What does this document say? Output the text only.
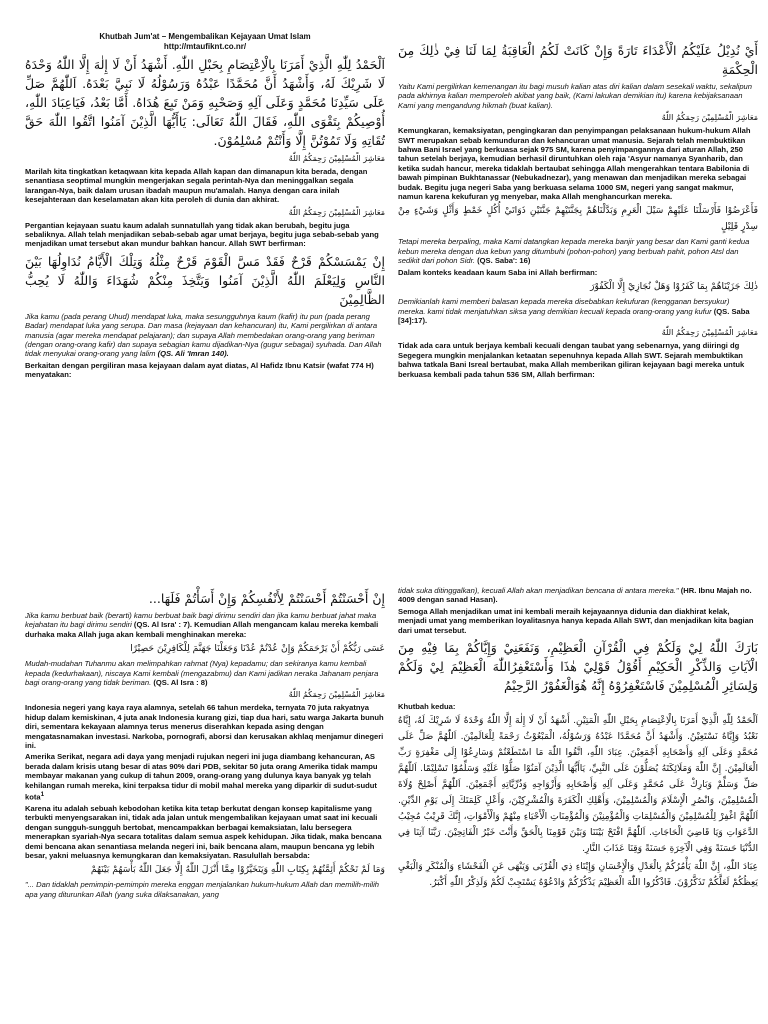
Khutbah Jum'at – Mengembalikan Kejayaan Umat Islam
http://mtaufiknt.co.nr/
اَلْحَمْدُ لِلّٰهِ الَّذِيْ أَمَرَنَا بِالْاِعْتِصَامِ بِحَبْلِ اللّٰهِ. أَشْهَدُ أَنْ لَا إِلٰهَ إِلَّا اللّٰهُ وَحْدَهُ لَا شَرِيْكَ لَهُ، وَأَشْهَدُ أَنَّ مُحَمَّدًا عَبْدُهُ وَرَسُوْلُهُ لَا نَبِيَّ بَعْدَهُ. اَللّٰهُمَّ صَلِّ عَلَى سَيِّدِنَا مُحَمَّدٍ وَعَلَى آلِهِ وَصَحْبِهِ وَمَنْ تَبِعَ هُدَاهُ. أَمَّا بَعْدُ، فَيَاعِبَادَ اللّٰهِ، أُوْصِيكُمْ بِتَقْوَى اللّٰهِ، فَقَالَ اللّٰهُ تَعَالَى: يَاأَيُّهَا الَّذِيْنَ آمَنُوا اتَّقُوا اللّٰهَ حَقَّ تُقَاتِهِ وَلَا تَمُوْتُنَّ إِلَّا وَأَنْتُمْ مُسْلِمُوْنَ.
مَعَاشِرَ الْمُسْلِمِيْنَ رَحِمَكُمُ اللّٰهُ

Marilah kita tingkatkan ketaqwaan kita kepada Allah kapan dan dimanapun kita berada, dengan senantiasa seoptimal mungkin mengerjakan segala perintah-Nya dan meninggalkan segala larangan-Nya, baik dalam urusan ibadah maupun mu'amalah. Hanya dengan cara inilah kesejahteraan dan keselamatan akan kita peroleh di dunia dan akhirat.

مَعَاشِرَ الْمُسْلِمِيْنَ رَحِمَكُمُ اللّٰهُ

Pergantian kejayaan suatu kaum adalah sunnatullah yang tidak akan berubah, begitu juga sebaliknya. Allah telah menjadikan sebab-sebab agar umat berjaya, begitu juga sebab-sebab yang menjadikan umat tersebut akan mundur bahkan hancur. Allah SWT berfirman:

إِنْ يَمْسَسْكُمْ قَرْحٌ فَقَدْ مَسَّ الْقَوْمَ قَرْحٌ مِثْلُهُ وَتِلْكَ الْأَيَّامُ نُدَاوِلُهَا بَيْنَ النَّاسِ وَلِيَعْلَمَ اللّٰهُ الَّذِيْنَ آمَنُوا وَيَتَّخِذَ مِنْكُمْ شُهَدَاءَ وَاللّٰهُ لَا يُحِبُّ الظَّالِمِيْنَ

Jika kamu (pada perang Uhud) mendapat luka, maka sesungguhnya kaum (kafir) itu pun (pada perang Badar) mendapat luka yang serupa. Dan masa (kejayaan dan kehancuran) itu, Kami pergilirkan di antara manusia (agar mereka mendapat pelajaran); dan supaya Allah membedakan orang-orang yang beriman (dengan orang-orang kafir) dan supaya sebagian kamu dijadikan-Nya (gugur sebagai) syuhada. Dan Allah tidak menyukai orang-orang yang lalim (QS. Ali 'Imran 140).

Berkaitan dengan pergiliran masa kejayaan dalam ayat diatas, Al Hafidz Ibnu Katsir (wafat 774 H) menyatakan:

أَيْ نُدِيْلُ عَلَيْكُمُ الْأَعْدَاءَ تَارَةً وَإِنْ كَانَتْ لَكُمُ الْعَاقِبَةُ لِمَا لَنَا فِيْ ذٰلِكَ مِنَ الْحِكْمَةِ

Yaitu Kami pergilirkan kemenangan itu bagi musuh kalian atas diri kalian dalam sesekali waktu, sekalipun pada akhirnya kalian memperoleh akibat yang baik, (Kami lakukan demikian itu) karena kebijaksanaan Kami yang mengandung hikmah (buat kalian).

مَعَاشِرَ الْمُسْلِمِيْنَ رَحِمَكُمُ اللّٰهُ

Kemungkaran, kemaksiyatan, pengingkaran dan penyimpangan pelaksanaan hukum-hukum Allah SWT merupakan sebab kemunduran dan kehancuran umat manusia. Sejarah telah membuktikan bahwa Bani Israel yang berkuasa sejak 975 SM, karena penyimpangannya dari aturan Allah, 250 tahun setelah berjaya, kemudian berhasil diruntuhkan oleh raja 'Asyur namanya Syanharib, dan ketika sudah hancur, mereka tidaklah bertaubat sehingga Allah mengerahkan tentara Babilonia di bawah pimpinan Bukhtanassar (Nebukadnezar), yang menawan dan menjadikan mereka sebagai budak. Begitu juga negeri Saba yang berkuasa selama 1000 SM, negeri yang sangat makmur, namun karena kekufuran yg menyebar, maka Allah menghancurkan mereka.

فَأَعْرَضُوْا فَأَرْسَلْنَا عَلَيْهِمْ سَيْلَ الْعَرِمِ وَبَدَّلْنَاهُمْ بِجَنَّتَيْهِمْ جَنَّتَيْنِ ذَوَاتَيْ أُكُلٍ خَمْطٍ وَأَثْلٍ وَشَيْءٍ مِنْ سِدْرٍ قَلِيْلٍ

Tetapi mereka berpaling, maka Kami datangkan kepada mereka banjir yang besar dan Kami ganti kedua kebun mereka dengan dua kebun yang ditumbuhi (pohon-pohon) yang berbuah pahit, pohon Atsl dan sedikit dari pohon Sidr. (QS. Saba': 16)

Dalam konteks keadaan kaum Saba ini Allah berfirman:

ذٰلِكَ جَزَيْنَاهُمْ بِمَا كَفَرُوْا وَهَلْ نُجَازِيْ إِلَّا الْكَفُوْرَ

Demikianlah kami memberi balasan kepada mereka disebabkan kekufuran (kengganan bersyukur) mereka. kami tidak menjatuhkan siksa yang demikian kecuali kepada orang-orang yang kufur (QS. Saba [34]:17).

مَعَاشِرَ الْمُسْلِمِيْنَ رَحِمَكُمُ اللّٰهُ

Tidak ada cara untuk berjaya kembali kecuali dengan taubat yang sebenarnya, yang diiringi dg Segegera mungkin menjalankan ketaatan sepenuhnya kepada Allah SWT. Sejarah membuktikan bahwa tatkala Bani Isreal bertaubat, maka Allah memberikan giliran kejayaan bagi mereka untuk berkuasa kembali pada tahun 536 SM, Allah berfirman:

إِنْ أَحْسَنْتُمْ أَحْسَنْتُمْ لِأَنْفُسِكُمْ وَإِنْ أَسَأْتُمْ فَلَهَا...

Jika kamu berbuat baik (berarti) kamu berbuat baik bagi dirimu sendiri dan jika kamu berbuat jahat maka kejahatan itu bagi dirimu sendiri (QS. Al Isra' : 7). Kemudian Allah mengancam kalau mereka kembali durhaka maka Allah juga akan kembali menghinakan mereka:

عَسَى رَبُّكُمْ أَنْ يَرْحَمَكُمْ وَإِنْ عُدْتُمْ عُدْنَا وَجَعَلْنَا جَهَنَّمَ لِلْكَافِرِيْنَ حَصِيْرًا

Mudah-mudahan Tuhanmu akan melimpahkan rahmat (Nya) kepadamu; dan sekiranya kamu kembali kepada (kedurhakaan), niscaya Kami kembali (mengazabmu) dan Kami jadikan neraka Jahanam penjara bagi orang-orang yang tidak beriman. (QS. Al Isra : 8)

مَعَاشِرَ الْمُسْلِمِيْنَ رَحِمَكُمُ اللّٰهُ

Indonesia negeri yang kaya raya alamnya, setelah 66 tahun merdeka, ternyata 70 juta rakyatnya hidup dalam kemiskinan, 4 juta anak Indonesia kurang gizi, tiap dua hari, satu warga Jakarta bunuh diri, sementara kekayaan alamnya terus menerus diserahkan kepada asing dengan mengatasnamakan investasi. Narkoba, pornografi, aborsi dan kerusakan akhlaq menjamur dinegeri ini.

Amerika Serikat, negara adi daya yang menjadi rujukan negeri ini juga diambang kehancuran, AS berada dalam krisis utang besar di atas 90% dari PDB, sekitar 50 juta orang Amerika tidak mampu membayar makanan yang cukup di tahun 2009, orang-orang yang dulunya kaya banyak yg telah kehilangan rumah mereka, kini terpaksa tidur di mobil mahal mereka yang diparkir di sudut-sudut kota$^1$

Karena itu adalah sebuah kebodohan ketika kita tetap berkutat dengan konsep kapitalisme yang terbukti menyengsarakan ini, tidak ada jalan untuk mengembalikan kejayaan umat saat ini kecuali dengan sungguh-sungguh bertobat, mencampakkan berbagai kemaksiatan, lalu bersegera menerapkan syariah-Nya secara totalitas dalam semua aspek kehidupan. Jika tidak, maka bencana demi bencana akan senantiasa melanda negeri ini, baik bencana alam, maupun bencana yg lebih besar, yakni meluasnya kemungkaran dan kemaksiyatan. Rasulullah bersabda:

وَمَا لَمْ تَحْكُمْ أَئِمَّتُهُمْ بِكِتَابِ اللّٰهِ وَيَتَخَيَّرُوْا مِمَّا أَنْزَلَ اللّٰهُ إِلَّا جَعَلَ اللّٰهُ بَأْسَهُمْ بَيْنَهُمْ

"... Dan tidaklah pemimpin-pemimpin mereka enggan menjalankan hukum-hukum Allah dan memilih-milih apa yang diturunkan Allah (yang suka dilaksanakan, yang

tidak suka ditinggalkan), kecuali Allah akan menjadikan bencana di antara mereka." (HR. Ibnu Majah no. 4009 dengan sanad Hasan).

Semoga Allah menjadikan umat ini kembali meraih kejayaannya didunia dan diakhirat kelak, menjadi umat yang memberikan loyalitasnya hanya kepada Allah SWT, dan menjadikan kita bagian dari umat tersebut.

بَارَكَ اللّٰهُ لِيْ وَلَكُمْ فِي الْقُرْآنِ الْعَظِيْمِ، وَنَفَعَنِيْ وَإِيَّاكُمْ بِمَا فِيْهِ مِنَ الْآيَاتِ وَالذِّكْرِ الْحَكِيْمِ أَقُوْلُ قَوْلِيْ هٰذَا وَأَسْتَغْفِرُاللّٰهَ الْعَظِيْمَ لِيْ وَلَكُمْ وَلِسَائِرِ الْمُسْلِمِيْنَ فَاسْتَغْفِرُوْهُ إِنَّهُ هُوَالْغَفُوْرُ الرَّحِيْمُ

Khutbah kedua:

اَلْحَمْدُ لِلّٰهِ الَّذِيْ أَمَرَنَا بِالْاِعْتِصَامِ بِحَبْلِ اللّٰهِ الْمَتِيْنِ. أَشْهَدُ أَنْ لَا إِلٰهَ إِلَّا اللّٰهُ وَحْدَهُ لَا شَرِيْكَ لَهُ، إِيَّاهُ نَعْبُدُ وَإِيَّاهُ نَسْتَعِيْنُ. وَأَشْهَدُ أَنَّ مُحَمَّدًا عَبْدُهُ وَرَسُوْلُهُ، الْمَبْعُوْثُ رَحْمَةً لِلْعَالَمِيْنَ. اَللّٰهُمَّ صَلِّ عَلَى مُحَمَّدٍ وَعَلَى آلِهِ وَأَصْحَابِهِ أَجْمَعِيْنَ. عِبَادَ اللّٰهِ، اتَّقُوا اللّٰهَ مَا اسْتَطَعْتُمْ وَسَارِعُوْا إِلَى مَغْفِرَةٍ رَبِّ الْعَالَمِيْنَ. إِنَّ اللّٰهَ وَمَلَائِكَتَهُ يُصَلُّوْنَ عَلَى النَّبِيِّ، يَاأَيُّهَا الَّذِيْنَ آمَنُوْا صَلُّوْا عَلَيْهِ وَسَلِّمُوْا تَسْلِيْمًا. اَللّٰهُمَّ صَلِّ وَسَلِّمْ وَبَارِكْ عَلَى مُحَمَّدٍ وَعَلَى آلِهِ وَأَصْحَابِهِ وَأَزْوَاجِهِ وَذُرِّيَّاتِهِ أَجْمَعِيْنَ. اَللّٰهُمَّ أَصْلِحْ وُلَاةَ الْمُسْلِمِيْنَ، وَانْصُرِ الْإِسْلَامَ وَالْمُسْلِمِيْنَ، وَأَهْلِكِ الْكَفَرَةَ وَالْمُشْرِكِيْنَ، وَأَعْلِ كَلِمَتَكَ إِلَى يَوْمِ الدِّيْنِ. اَللّٰهُمَّ اغْفِرْ لِلْمُسْلِمِيْنَ وَالْمُسْلِمَاتِ وَالْمُؤْمِنِيْنَ وَالْمُؤْمِنَاتِ الْأَحْيَاءِ مِنْهُمْ وَالْأَمْوَاتِ، إِنَّكَ قَرِيْبٌ مُجِيْبُ الدَّعَوَاتِ وَيَا قَاضِيَ الْحَاجَاتِ. اَللّٰهُمَّ افْتَحْ بَيْنَنَا وَبَيْنَ قَوْمِنَا بِالْحَقِّ وَأَنْتَ خَيْرُ الْفَاتِحِيْنَ. رَبَّنَا آتِنَا فِي الدُّنْيَا حَسَنَةً وَفِي الْآخِرَةِ حَسَنَةً وَقِنَا عَذَابَ النَّارِ.
عِبَادَ اللّٰهِ، إِنَّ اللّٰهَ يَأْمُرُكُمْ بِالْعَدْلِ وَالْإِحْسَانِ وَإِيْتَاءِ ذِي الْقُرْبَى وَيَنْهَى عَنِ الْفَحْشَاءِ وَالْمُنْكَرِ وَالْبَغْيِ يَعِظُكُمْ لَعَلَّكُمْ تَذَكَّرُوْنَ. فَاذْكُرُوا اللّٰهَ الْعَظِيْمَ يَذْكُرْكُمْ وَادْعُوْهُ يَسْتَجِبْ لَكُمْ وَلَذِكْرُ اللّٰهِ أَكْبَرُ.
